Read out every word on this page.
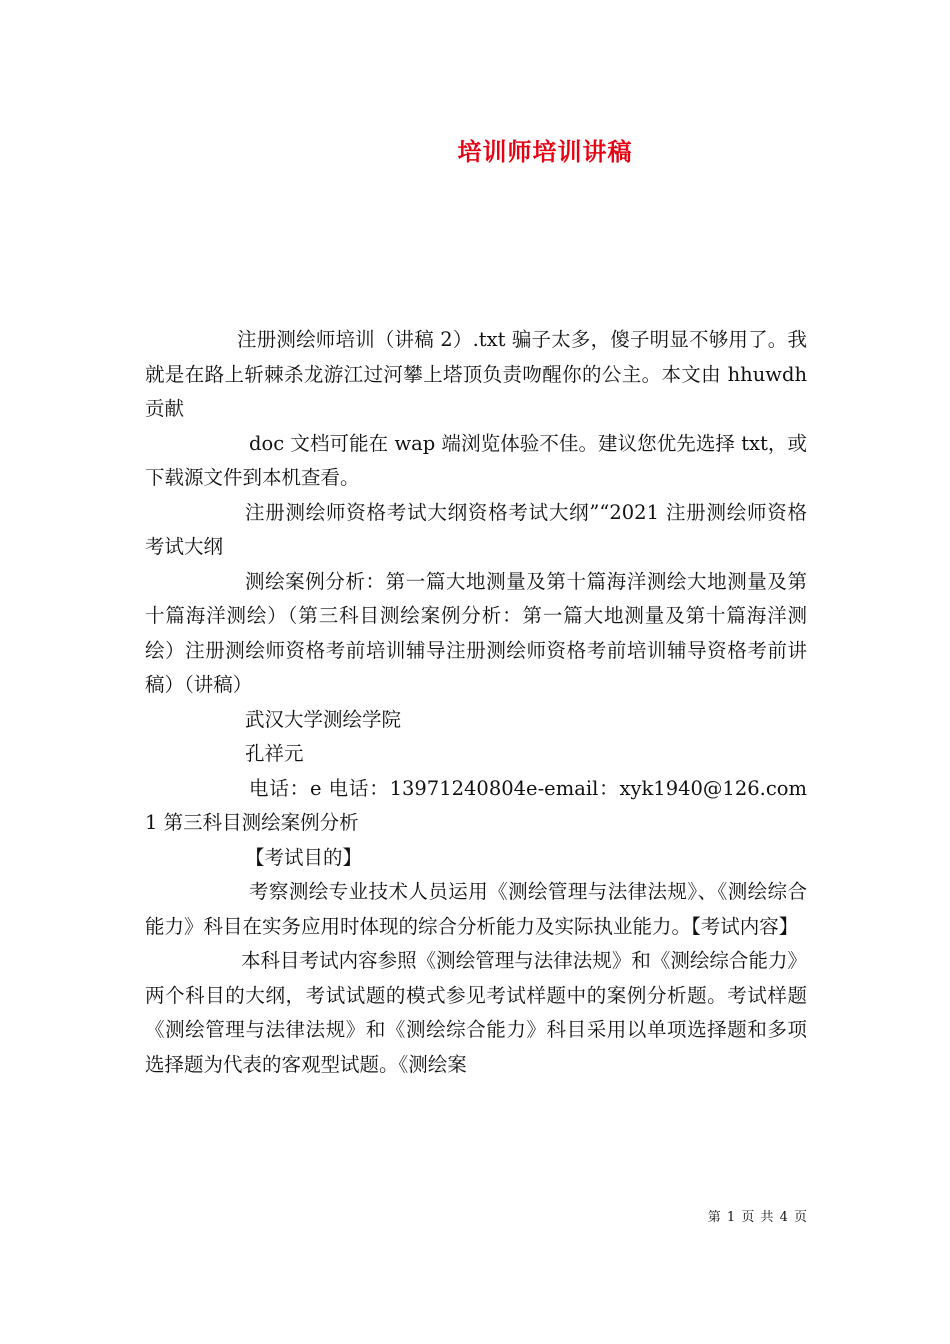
培训师培训讲稿

注册测绘师培训（讲稿 2）.txt 骗子太多，傻子明显不够用了。我就是在路上斩棘杀龙游江过河攀上塔顶负责吻醒你的公主。本文由 hhuwdh 贡献

doc 文档可能在 wap 端浏览体验不佳。建议您优先选择 txt，或下载源文件到本机查看。

注册测绘师资格考试大纲资格考试大纲”“2021 注册测绘师资格考试大纲

测绘案例分析：第一篇大地测量及第十篇海洋测绘大地测量及第十篇海洋测绘）（第三科目测绘案例分析：第一篇大地测量及第十篇海洋测绘）注册测绘师资格考前培训辅导注册测绘师资格考前培训辅导资格考前讲稿）（讲稿）

武汉大学测绘学院

孔祥元

电话：e 电话：13971240804e-email：xyk1940@126.com1 第三科目测绘案例分析

【考试目的】

考察测绘专业技术人员运用《测绘管理与法律法规》、《测绘综合能力》科目在实务应用时体现的综合分析能力及实际执业能力。【考试内容】

本科目考试内容参照《测绘管理与法律法规》和《测绘综合能力》两个科目的大纲，考试试题的模式参见考试样题中的案例分析题。考试样题《测绘管理与法律法规》和《测绘综合能力》科目采用以单项选择题和多项选择题为代表的客观型试题。《测绘案

第 1 页 共 4 页
